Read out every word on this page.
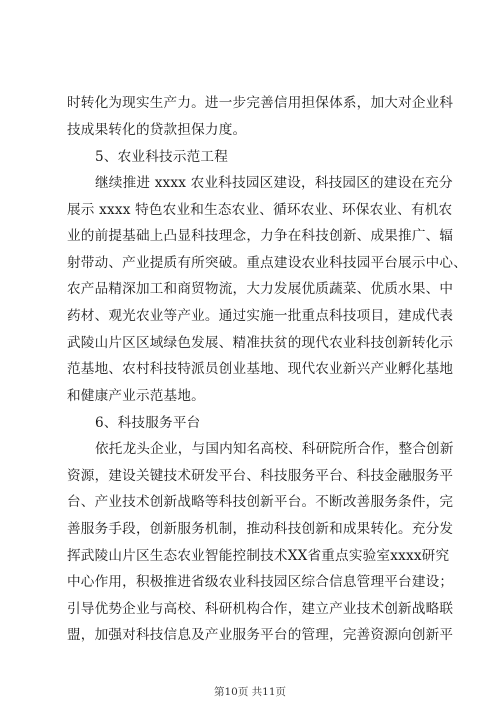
时转化为现实生产力。进一步完善信用担保体系，加大对企业科
技成果转化的贷款担保力度。
5、农业科技示范工程
继续推进 xxxx 农业科技园区建设，科技园区的建设在充分
展示 xxxx 特色农业和生态农业、循环农业、环保农业、有机农
业的前提基础上凸显科技理念，力争在科技创新、成果推广、辐
射带动、产业提质有所突破。重点建设农业科技园平台展示中心、
农产品精深加工和商贸物流，大力发展优质蔬菜、优质水果、中
药材、观光农业等产业。通过实施一批重点科技项目，建成代表
武陵山片区区域绿色发展、精准扶贫的现代农业科技创新转化示
范基地、农村科技特派员创业基地、现代农业新兴产业孵化基地
和健康产业示范基地。
6、科技服务平台
依托龙头企业，与国内知名高校、科研院所合作，整合创新
资源，建设关键技术研发平台、科技服务平台、科技金融服务平
台、产业技术创新战略等科技创新平台。不断改善服务条件，完
善服务手段，创新服务机制，推动科技创新和成果转化。充分发
挥武陵山片区生态农业智能控制技术XX省重点实验室xxxx研究
中心作用，积极推进省级农业科技园区综合信息管理平台建设；
引导优势企业与高校、科研机构合作，建立产业技术创新战略联
盟，加强对科技信息及产业服务平台的管理，完善资源向创新平
第10页 共11页
